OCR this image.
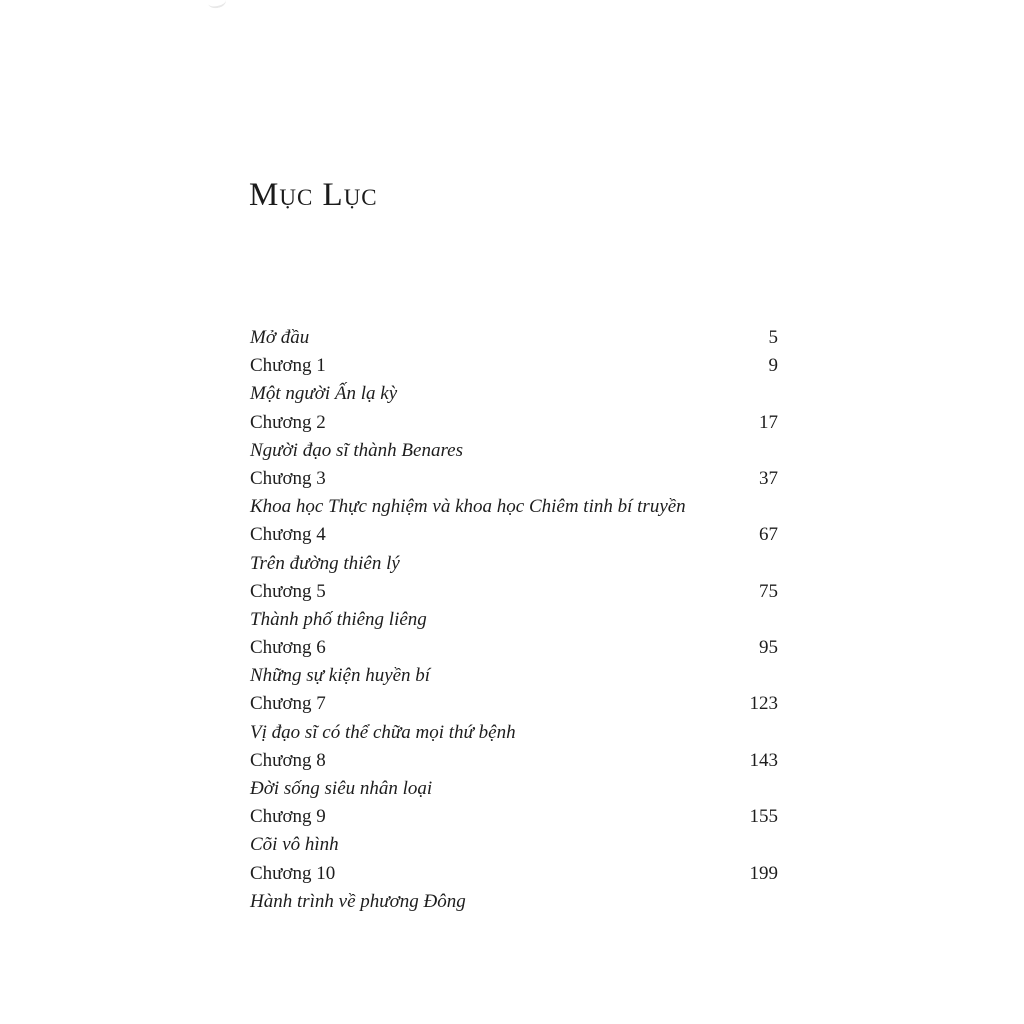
Mục Lục
Mở đầu	5
Chương 1	9
Một người Ấn lạ kỳ
Chương 2	17
Người đạo sĩ thành Benares
Chương 3	37
Khoa học Thực nghiệm và khoa học Chiêm tinh bí truyền
Chương 4	67
Trên đường thiên lý
Chương 5	75
Thành phố thiêng liêng
Chương 6	95
Những sự kiện huyền bí
Chương 7	123
Vị đạo sĩ có thể chữa mọi thứ bệnh
Chương 8	143
Đời sống siêu nhân loại
Chương 9	155
Cõi vô hình
Chương 10	199
Hành trình về phương Đông
